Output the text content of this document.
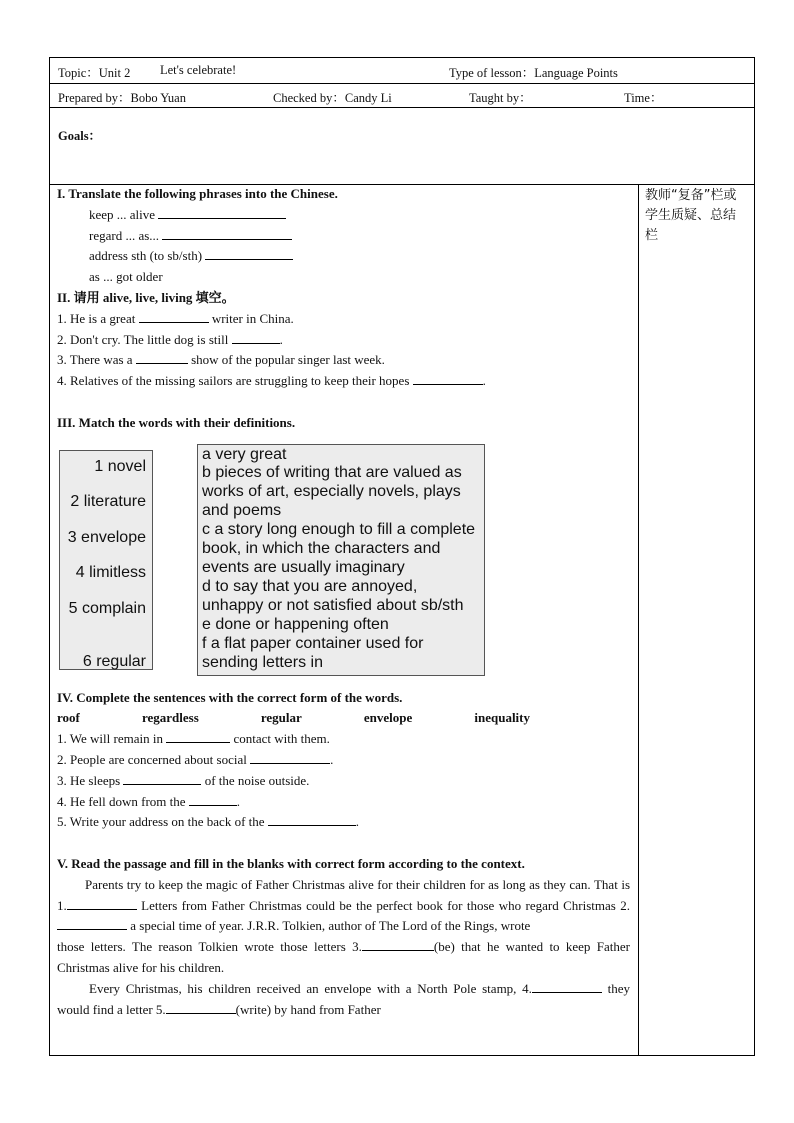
Topic：Unit 2 Let's celebrate!	Type of lesson：Language Points
Prepared by：Bobo Yuan	Checked by：Candy Li	Taught by：	Time：
Goals：
I. Translate the following phrases into the Chinese.
keep ... alive
regard ... as...
address sth (to sb/sth)
as ... got older
II. 请用 alive, live, living 填空。
1. He is a great	writer in China.
2. Don't cry. The little dog is still	.
3. There was a	show of the popular singer last week.
4. Relatives of the missing sailors are struggling to keep their hopes	.
III. Match the words with their definitions.
1 novel
2 literature
3 envelope
4 limitless
5 complain
6 regular
a very great
b pieces of writing that are valued as works of art, especially novels, plays and poems
c a story long enough to fill a complete book, in which the characters and events are usually imaginary
d to say that you are annoyed, unhappy or not satisfied about sb/sth
e done or happening often
f a flat paper container used for sending letters in
IV. Complete the sentences with the correct form of the words.
roof	regardless	regular	envelope	inequality
1. We will remain in	contact with them.
2. People are concerned about social	.
3. He sleeps	of the noise outside.
4. He fell down from the	.
5. Write your address on the back of the	.
V. Read the passage and fill in the blanks with correct form according to the context.
Parents try to keep the magic of Father Christmas alive for their children for as long as they can. That is 1.	Letters from Father Christmas could be the perfect book for those who regard Christmas 2. a special time of year. J.R.R. Tolkien, author of The Lord of the Rings, wrote
those letters. The reason Tolkien wrote those letters 3.	(be) that he wanted to keep Father Christmas alive for his children.
Every Christmas, his children received an envelope with a North Pole stamp, 4.	they would find a letter 5.	(write) by hand from Father
教师“复备”栏或学生质疑、总结栏
